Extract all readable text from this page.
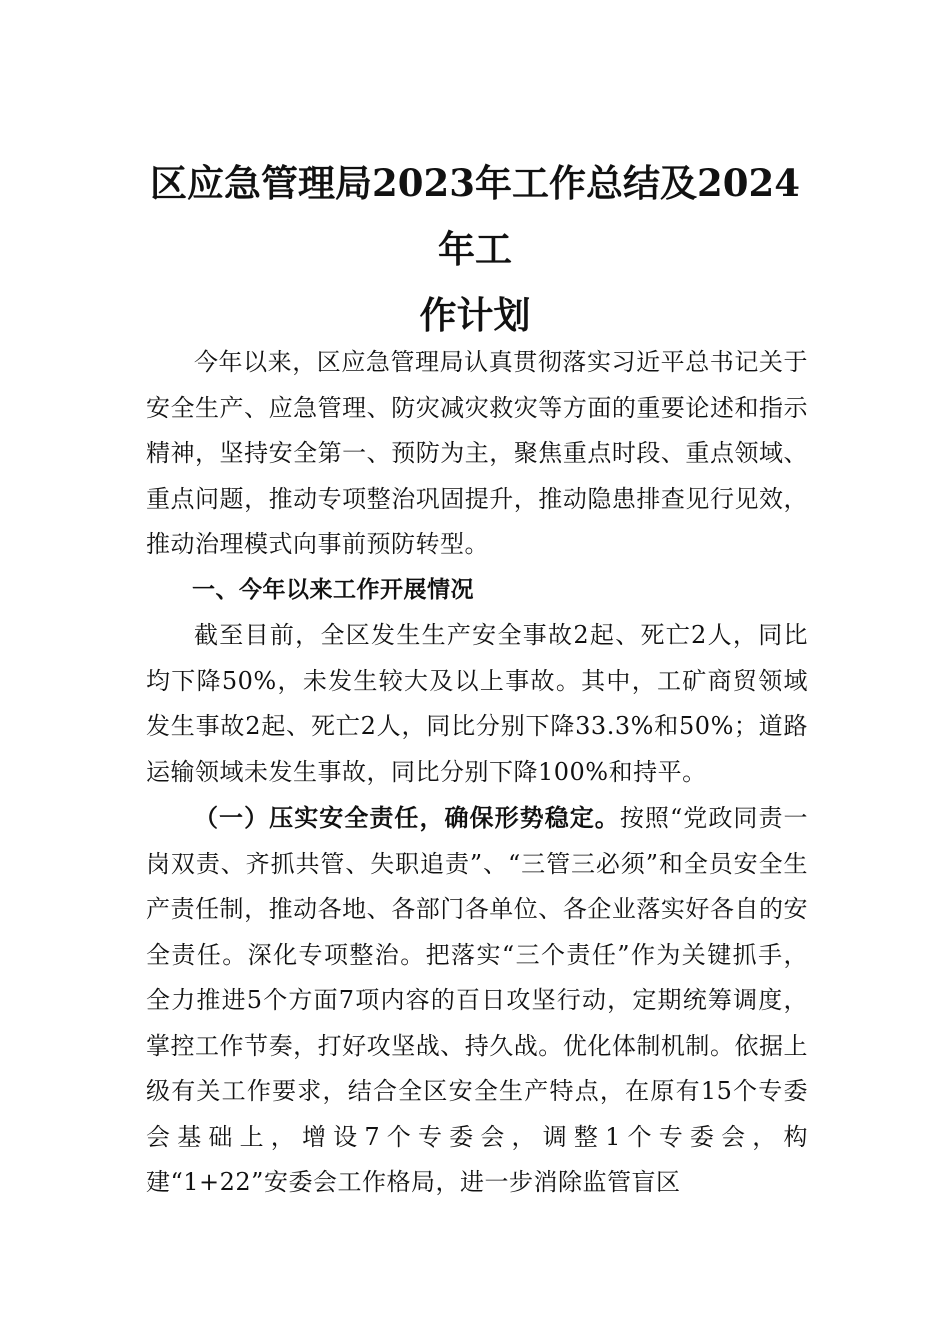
区应急管理局2023年工作总结及2024年工
作计划

今年以来，区应急管理局认真贯彻落实习近平总书记关于安全生产、应急管理、防灾减灾救灾等方面的重要论述和指示精神，坚持安全第一、预防为主，聚焦重点时段、重点领域、重点问题，推动专项整治巩固提升，推动隐患排查见行见效，推动治理模式向事前预防转型。

一、今年以来工作开展情况

截至目前，全区发生生产安全事故2起、死亡2人，同比均下降50%，未发生较大及以上事故。其中，工矿商贸领域发生事故2起、死亡2人，同比分别下降33.3%和50%；道路运输领域未发生事故，同比分别下降100%和持平。

（一）压实安全责任，确保形势稳定。按照“党政同责一岗双责、齐抓共管、失职追责”、“三管三必须”和全员安全生产责任制，推动各地、各部门各单位、各企业落实好各自的安全责任。深化专项整治。把落实“三个责任”作为关键抓手，全力推进5个方面7项内容的百日攻坚行动，定期统筹调度，掌控工作节奏，打好攻坚战、持久战。优化体制机制。依据上级有关工作要求，结合全区安全生产特点，在原有15个专委会基础上，增设7个专委会，调整1个专委会，构建“1+22”安委会工作格局，进一步消除监管盲区
